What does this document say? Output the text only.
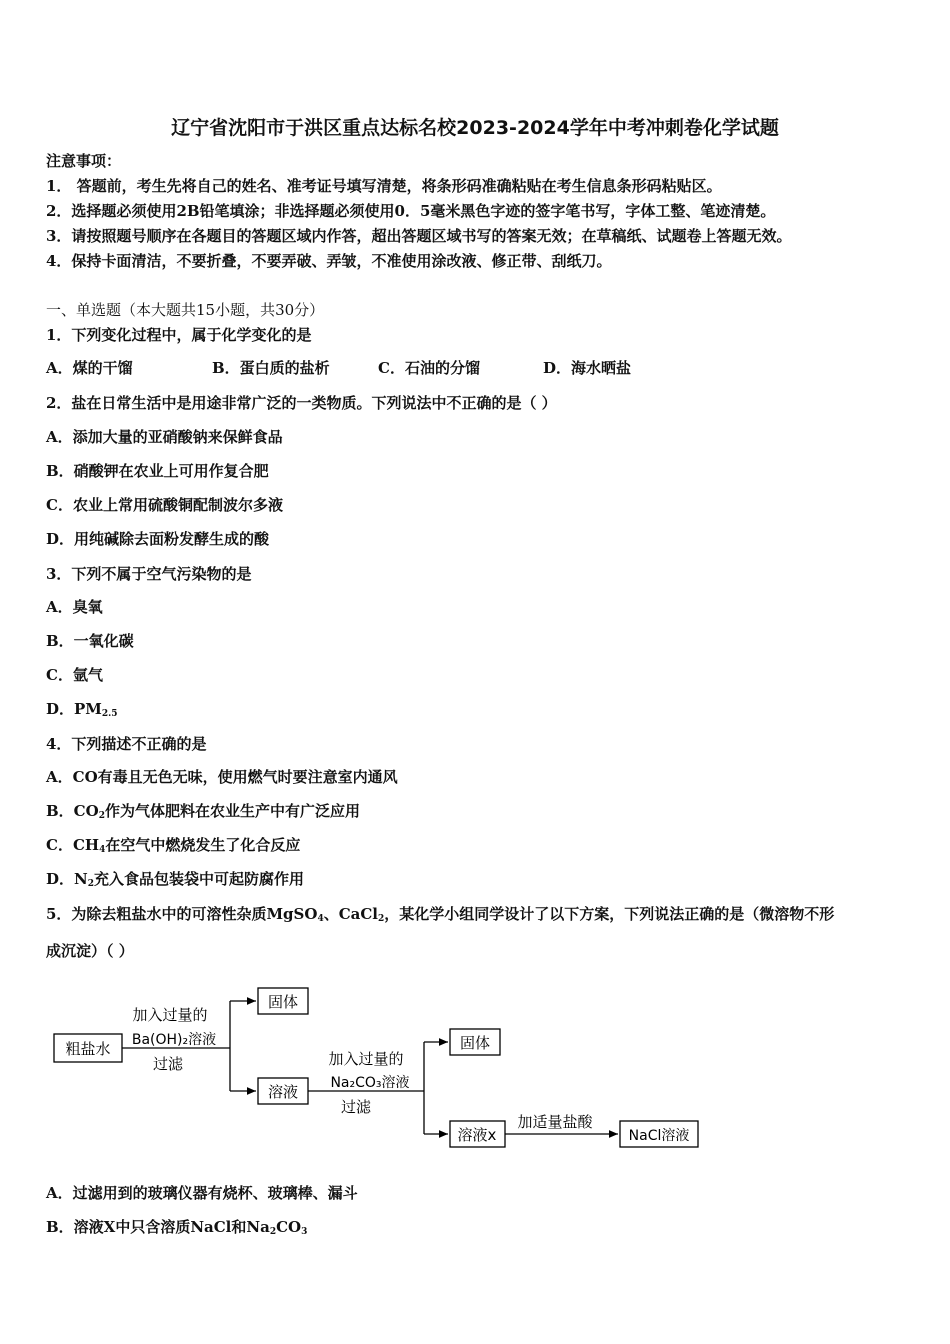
辽宁省沈阳市于洪区重点达标名校2023-2024学年中考冲刺卷化学试题
注意事项：
1． 答题前，考生先将自己的姓名、准考证号填写清楚，将条形码准确粘贴在考生信息条形码粘贴区。
2．选择题必须使用2B铅笔填涂；非选择题必须使用0．5毫米黑色字迹的签字笔书写，字体工整、笔迹清楚。
3．请按照题号顺序在各题目的答题区域内作答，超出答题区域书写的答案无效；在草稿纸、试题卷上答题无效。
4．保持卡面清洁，不要折叠，不要弄破、弄皱，不准使用涂改液、修正带、刮纸刀。
一、单选题（本大题共15小题，共30分）
1．下列变化过程中，属于化学变化的是
A．煤的干馏	B．蛋白质的盐析	C．石油的分馏	D．海水晒盐
2．盐在日常生活中是用途非常广泛的一类物质。下列说法中不正确的是（ ）
A．添加大量的亚硝酸钠来保鲜食品
B．硝酸钾在农业上可用作复合肥
C．农业上常用硫酸铜配制波尔多液
D．用纯碱除去面粉发酵生成的酸
3．下列不属于空气污染物的是
A．臭氧
B．一氧化碳
C．氩气
D．$PM_{2.5}$
4．下列描述不正确的是
A．CO有毒且无色无味，使用燃气时要注意室内通风
B．$CO_2$作为气体肥料在农业生产中有广泛应用
C．$CH_4$在空气中燃烧发生了化合反应
D．$N_2$充入食品包装袋中可起防腐作用
5．为除去粗盐水中的可溶性杂质MgSO$_4$、CaCl$_2$，某化学小组同学设计了以下方案，下列说法正确的是（微溶物不形
成沉淀）（ ）
粗盐水
固体
溶液
固体
溶液x	NaCl溶液
加入过量的
Ba(OH)₂溶液
过滤	加入过量的
Na₂CO₃溶液
过滤
加适量盐酸
A．过滤用到的玻璃仪器有烧杯、玻璃棒、漏斗
B．溶液X中只含溶质NaCl和$Na_2CO_3$
